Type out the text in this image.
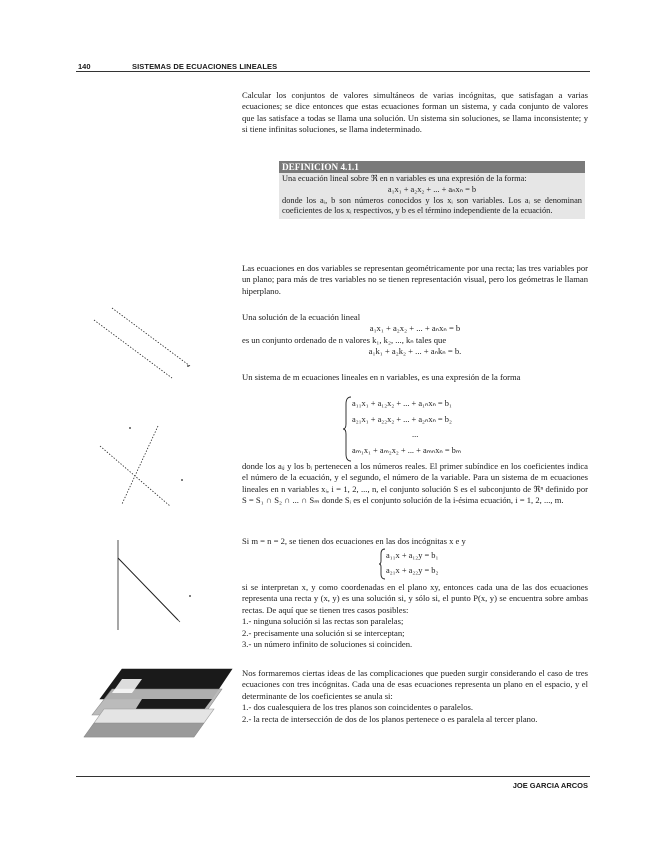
140	SISTEMAS DE ECUACIONES LINEALES

Calcular los conjuntos de valores simultáneos de varias incógnitas, que satisfagan a varias ecuaciones; se dice entonces que estas ecuaciones forman un sistema, y cada conjunto de valores que las satisface a todas se llama una solución. Un sistema sin soluciones, se llama inconsistente; y si tiene infinitas soluciones, se llama indeterminado.

DEFINICION 4.1.1

Una ecuación lineal sobre ℜ en n variables es una expresión de la forma:

a₁x₁ + a₂x₂ + ... + aₙxₙ = b

donde los aᵢ, b son números conocidos y los xᵢ son variables. Los aᵢ se denominan coeficientes de los xᵢ respectivos, y b es el término independiente de la ecuación.

Las ecuaciones en dos variables se representan geométricamente por una recta; las tres variables por un plano; para más de tres variables no se tienen representación visual, pero los geómetras le llaman hiperplano.

Una solución de la ecuación lineal

a₁x₁ + a₂x₂ + ... + aₙxₙ = b

es un conjunto ordenado de n valores k₁, k₂, ..., kₙ tales que

a₁k₁ + a₂k₂ + ... + aₙkₙ = b.

Un sistema de m ecuaciones lineales en n variables, es una expresión de la forma

a₁₁x₁ + a₁₂x₂ + ... + a₁ₙxₙ = b₁
a₂₁x₁ + a₂₂x₂ + ... + a₂ₙxₙ = b₂
...
aₘ₁x₁ + aₘ₂x₂ + ... + aₘₙxₙ = bₘ

donde los aᵢⱼ y los bᵢ pertenecen a los números reales. El primer subíndice en los coeficientes indica el número de la ecuación, y el segundo, el número de la variable. Para un sistema de m ecuaciones lineales en n variables xᵢ, i = 1, 2, ..., n, el conjunto solución S es el subconjunto de ℜⁿ definido por S = S₁ ∩ S₂ ∩ ... ∩ Sₘ donde Sᵢ es el conjunto solución de la i-ésima ecuación, i = 1, 2, ..., m.

Si m = n = 2, se tienen dos ecuaciones en las dos incógnitas x e y

a₁₁x + a₁₂y = b₁
a₂₁x + a₂₂y = b₂

si se interpretan x, y como coordenadas en el plano xy, entonces cada una de las dos ecuaciones representa una recta y (x, y) es una solución si, y sólo si, el punto P(x, y) se encuentra sobre ambas rectas. De aquí que se tienen tres casos posibles:

1.- ninguna solución si las rectas son paralelas;

2.- precisamente una solución si se interceptan;

3.- un número infinito de soluciones si coinciden.

Nos formaremos ciertas ideas de las complicaciones que pueden surgir considerando el caso de tres ecuaciones con tres incógnitas. Cada una de esas ecuaciones representa un plano en el espacio, y el determinante de los coeficientes se anula si:

1.- dos cualesquiera de los tres planos son coincidentes o paralelos.

2.- la recta de intersección de dos de los planos pertenece o es paralela al tercer plano.

JOE GARCIA ARCOS
